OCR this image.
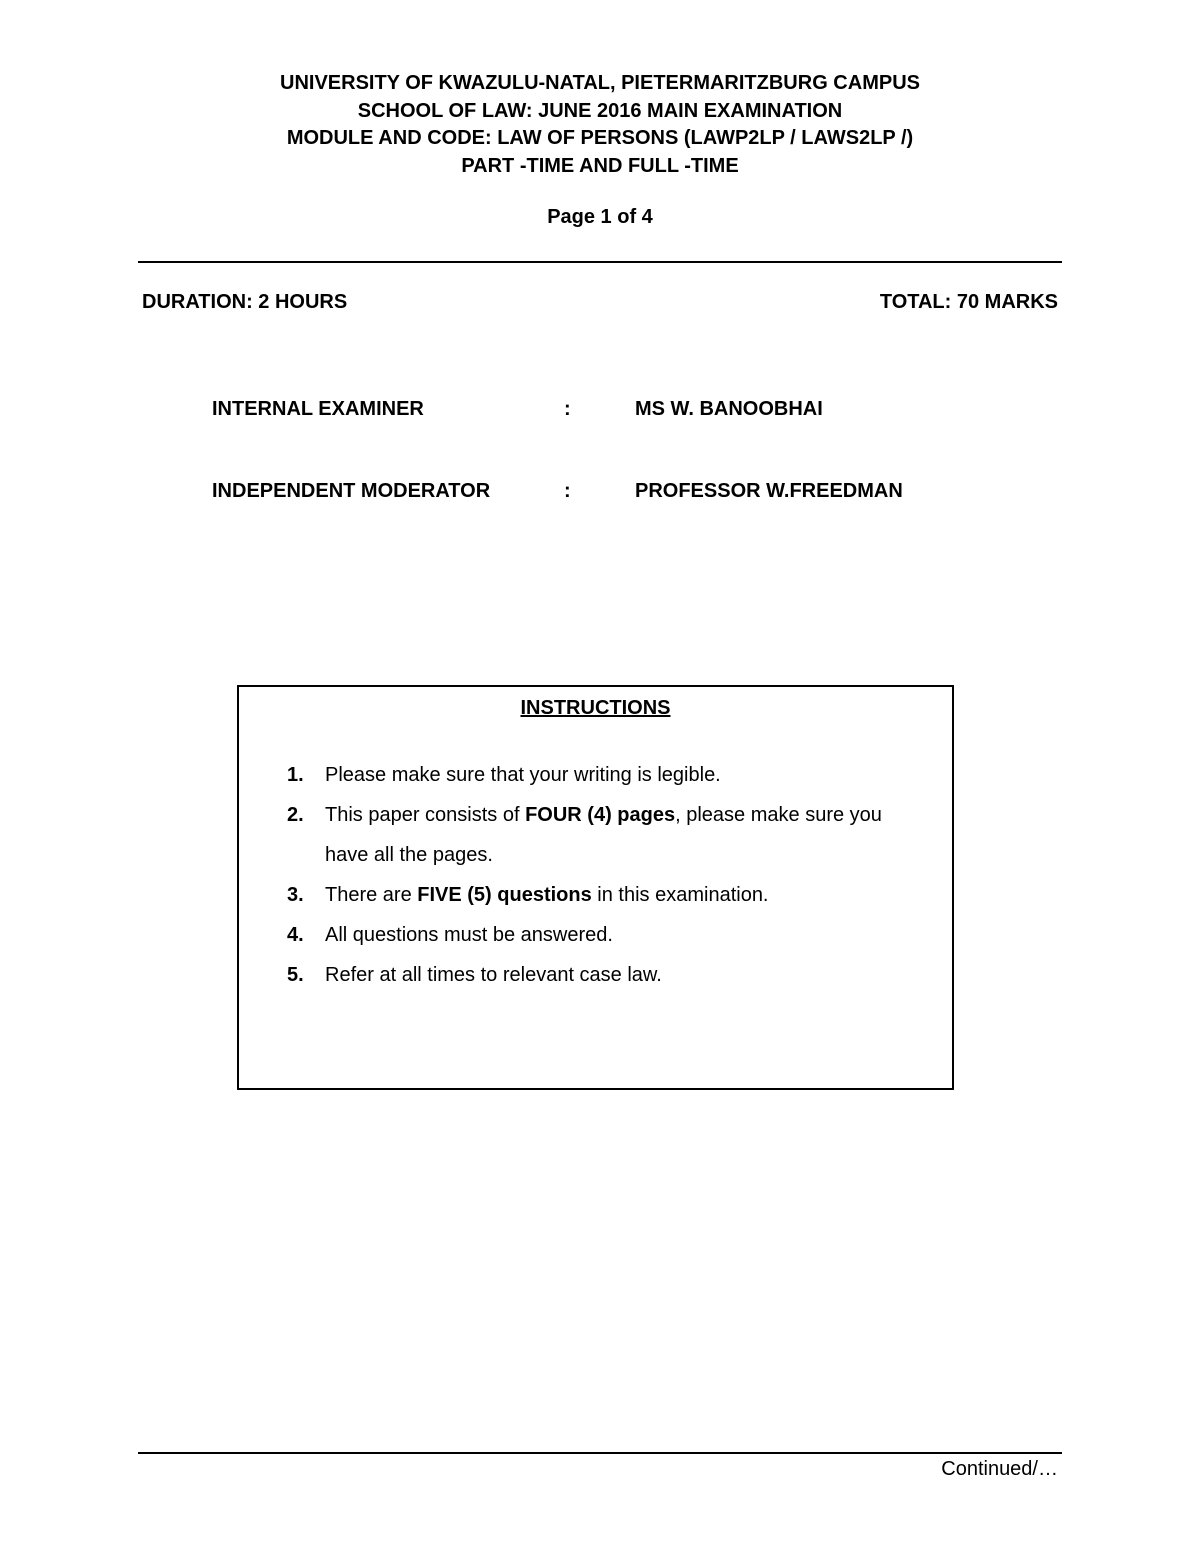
UNIVERSITY OF KWAZULU-NATAL, PIETERMARITZBURG CAMPUS
SCHOOL OF LAW: JUNE 2016 MAIN EXAMINATION
MODULE AND CODE: LAW OF PERSONS (LAWP2LP / LAWS2LP /)
PART -TIME AND FULL -TIME
Page 1 of 4
DURATION: 2 HOURS	TOTAL: 70 MARKS
INTERNAL EXAMINER	:	MS W. BANOOBHAI
INDEPENDENT MODERATOR	:	PROFESSOR W.FREEDMAN
INSTRUCTIONS
1. Please make sure that your writing is legible.
2. This paper consists of FOUR (4) pages, please make sure you have all the pages.
3. There are FIVE (5) questions in this examination.
4. All questions must be answered.
5. Refer at all times to relevant case law.
Continued/…
